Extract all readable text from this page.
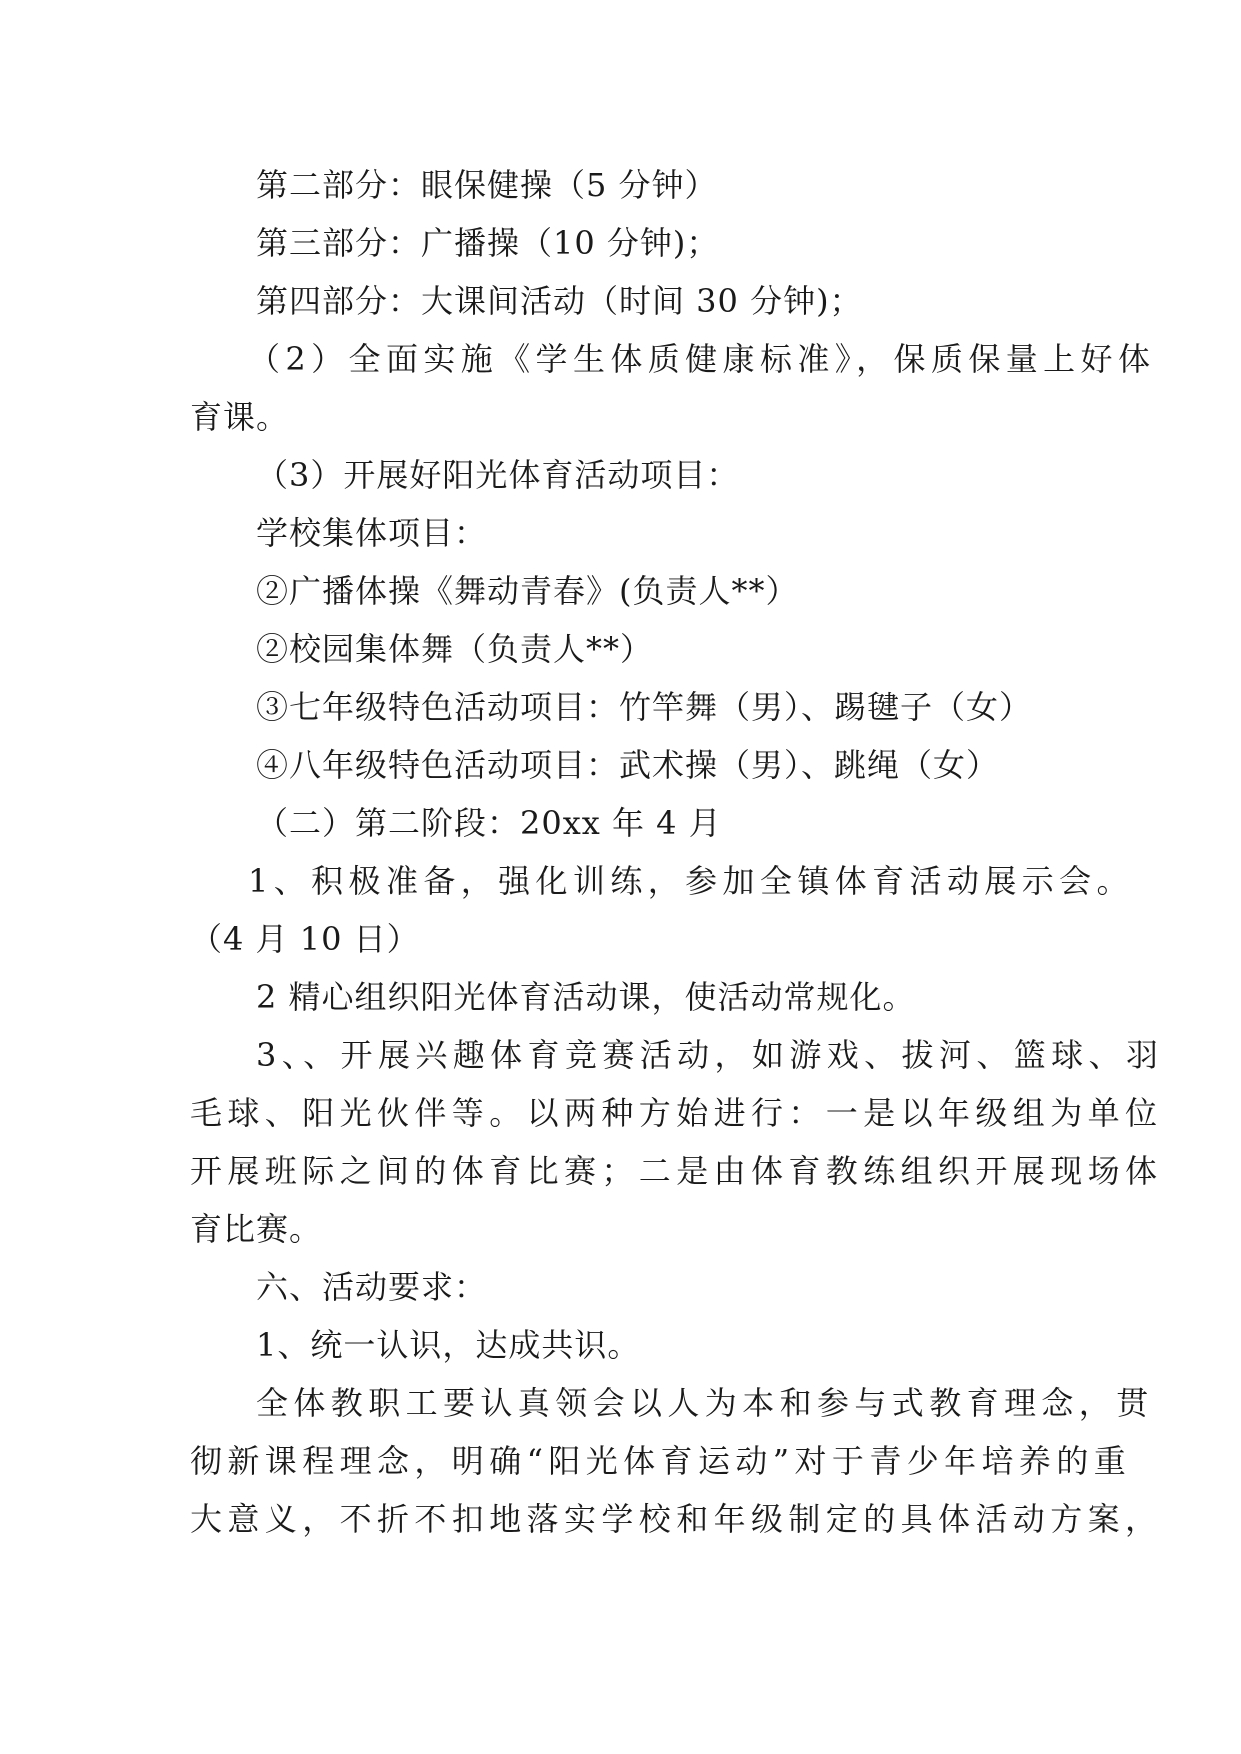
第二部分：眼保健操（5 分钟）
第三部分：广播操（10 分钟)；
第四部分：大课间活动（时间 30 分钟)；
（2）全面实施《学生体质健康标准》，保质保量上好体
育课。
（3）开展好阳光体育活动项目：
学校集体项目：
②广播体操《舞动青春》(负责人**）
②校园集体舞（负责人**）
③七年级特色活动项目：竹竿舞（男）、踢毽子（女）
④八年级特色活动项目：武术操（男）、跳绳（女）
（二）第二阶段：20xx 年 4 月
1、积极准备，强化训练，参加全镇体育活动展示会。
（4 月 10 日）
2 精心组织阳光体育活动课，使活动常规化。
3、、开展兴趣体育竞赛活动，如游戏、拔河、篮球、羽
毛球、阳光伙伴等。以两种方始进行：一是以年级组为单位
开展班际之间的体育比赛；二是由体育教练组织开展现场体
育比赛。
六、活动要求：
1、统一认识，达成共识。
全体教职工要认真领会以人为本和参与式教育理念，贯
彻新课程理念，明确“阳光体育运动”对于青少年培养的重
大意义，不折不扣地落实学校和年级制定的具体活动方案，
